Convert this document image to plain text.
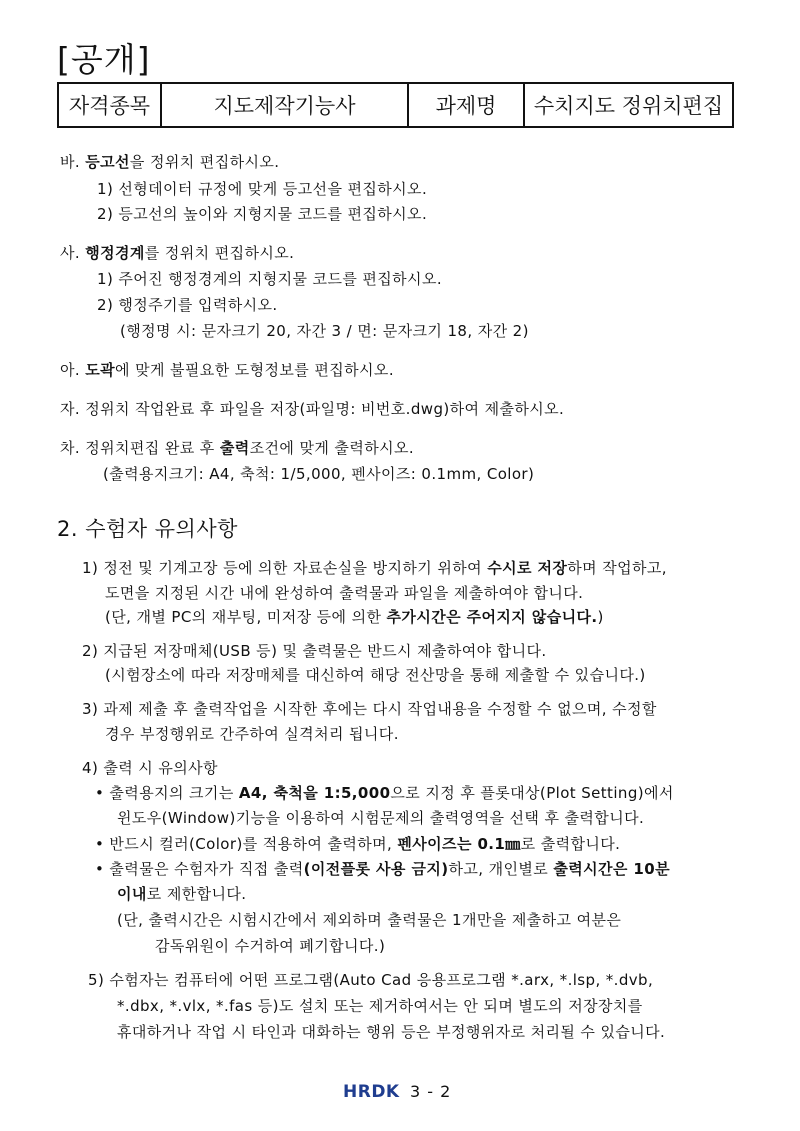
[공개]
자격종목	지도제작기능사	과제명	수치지도 정위치편집
바. 등고선을 정위치 편집하시오.
1) 선형데이터 규정에 맞게 등고선을 편집하시오.
2) 등고선의 높이와 지형지물 코드를 편집하시오.
사. 행정경계를 정위치 편집하시오.
1) 주어진 행정경계의 지형지물 코드를 편집하시오.
2) 행정주기를 입력하시오.
(행정명 시: 문자크기 20, 자간 3 / 면: 문자크기 18, 자간 2)
아. 도곽에 맞게 불필요한 도형정보를 편집하시오.
자. 정위치 작업완료 후 파일을 저장(파일명: 비번호.dwg)하여 제출하시오.
차. 정위치편집 완료 후 출력조건에 맞게 출력하시오.
(출력용지크기: A4, 축척: 1/5,000, 펜사이즈: 0.1mm, Color)
2. 수험자 유의사항
1) 정전 및 기계고장 등에 의한 자료손실을 방지하기 위하여 수시로 저장하며 작업하고,
도면을 지정된 시간 내에 완성하여 출력물과 파일을 제출하여야 합니다.
(단, 개별 PC의 재부팅, 미저장 등에 의한 추가시간은 주어지지 않습니다.)
2) 지급된 저장매체(USB 등) 및 출력물은 반드시 제출하여야 합니다.
(시험장소에 따라 저장매체를 대신하여 해당 전산망을 통해 제출할 수 있습니다.)
3) 과제 제출 후 출력작업을 시작한 후에는 다시 작업내용을 수정할 수 없으며, 수정할
경우 부정행위로 간주하여 실격처리 됩니다.
4) 출력 시 유의사항
• 출력용지의 크기는 A4, 축척을 1:5,000으로 지정 후 플롯대상(Plot Setting)에서
윈도우(Window)기능을 이용하여 시험문제의 출력영역을 선택 후 출력합니다.
• 반드시 컬러(Color)를 적용하여 출력하며, 펜사이즈는 0.1㎜로 출력합니다.
• 출력물은 수험자가 직접 출력(이전플롯 사용 금지)하고, 개인별로 출력시간은 10분
이내로 제한합니다.
(단, 출력시간은 시험시간에서 제외하며 출력물은 1개만을 제출하고 여분은
감독위원이 수거하여 폐기합니다.)
5) 수험자는 컴퓨터에 어떤 프로그램(Auto Cad 응용프로그램 *.arx, *.lsp, *.dvb,
*.dbx, *.vlx, *.fas 등)도 설치 또는 제거하여서는 안 되며 별도의 저장장치를
휴대하거나 작업 시 타인과 대화하는 행위 등은 부정행위자로 처리될 수 있습니다.
HRDK 3 - 2
